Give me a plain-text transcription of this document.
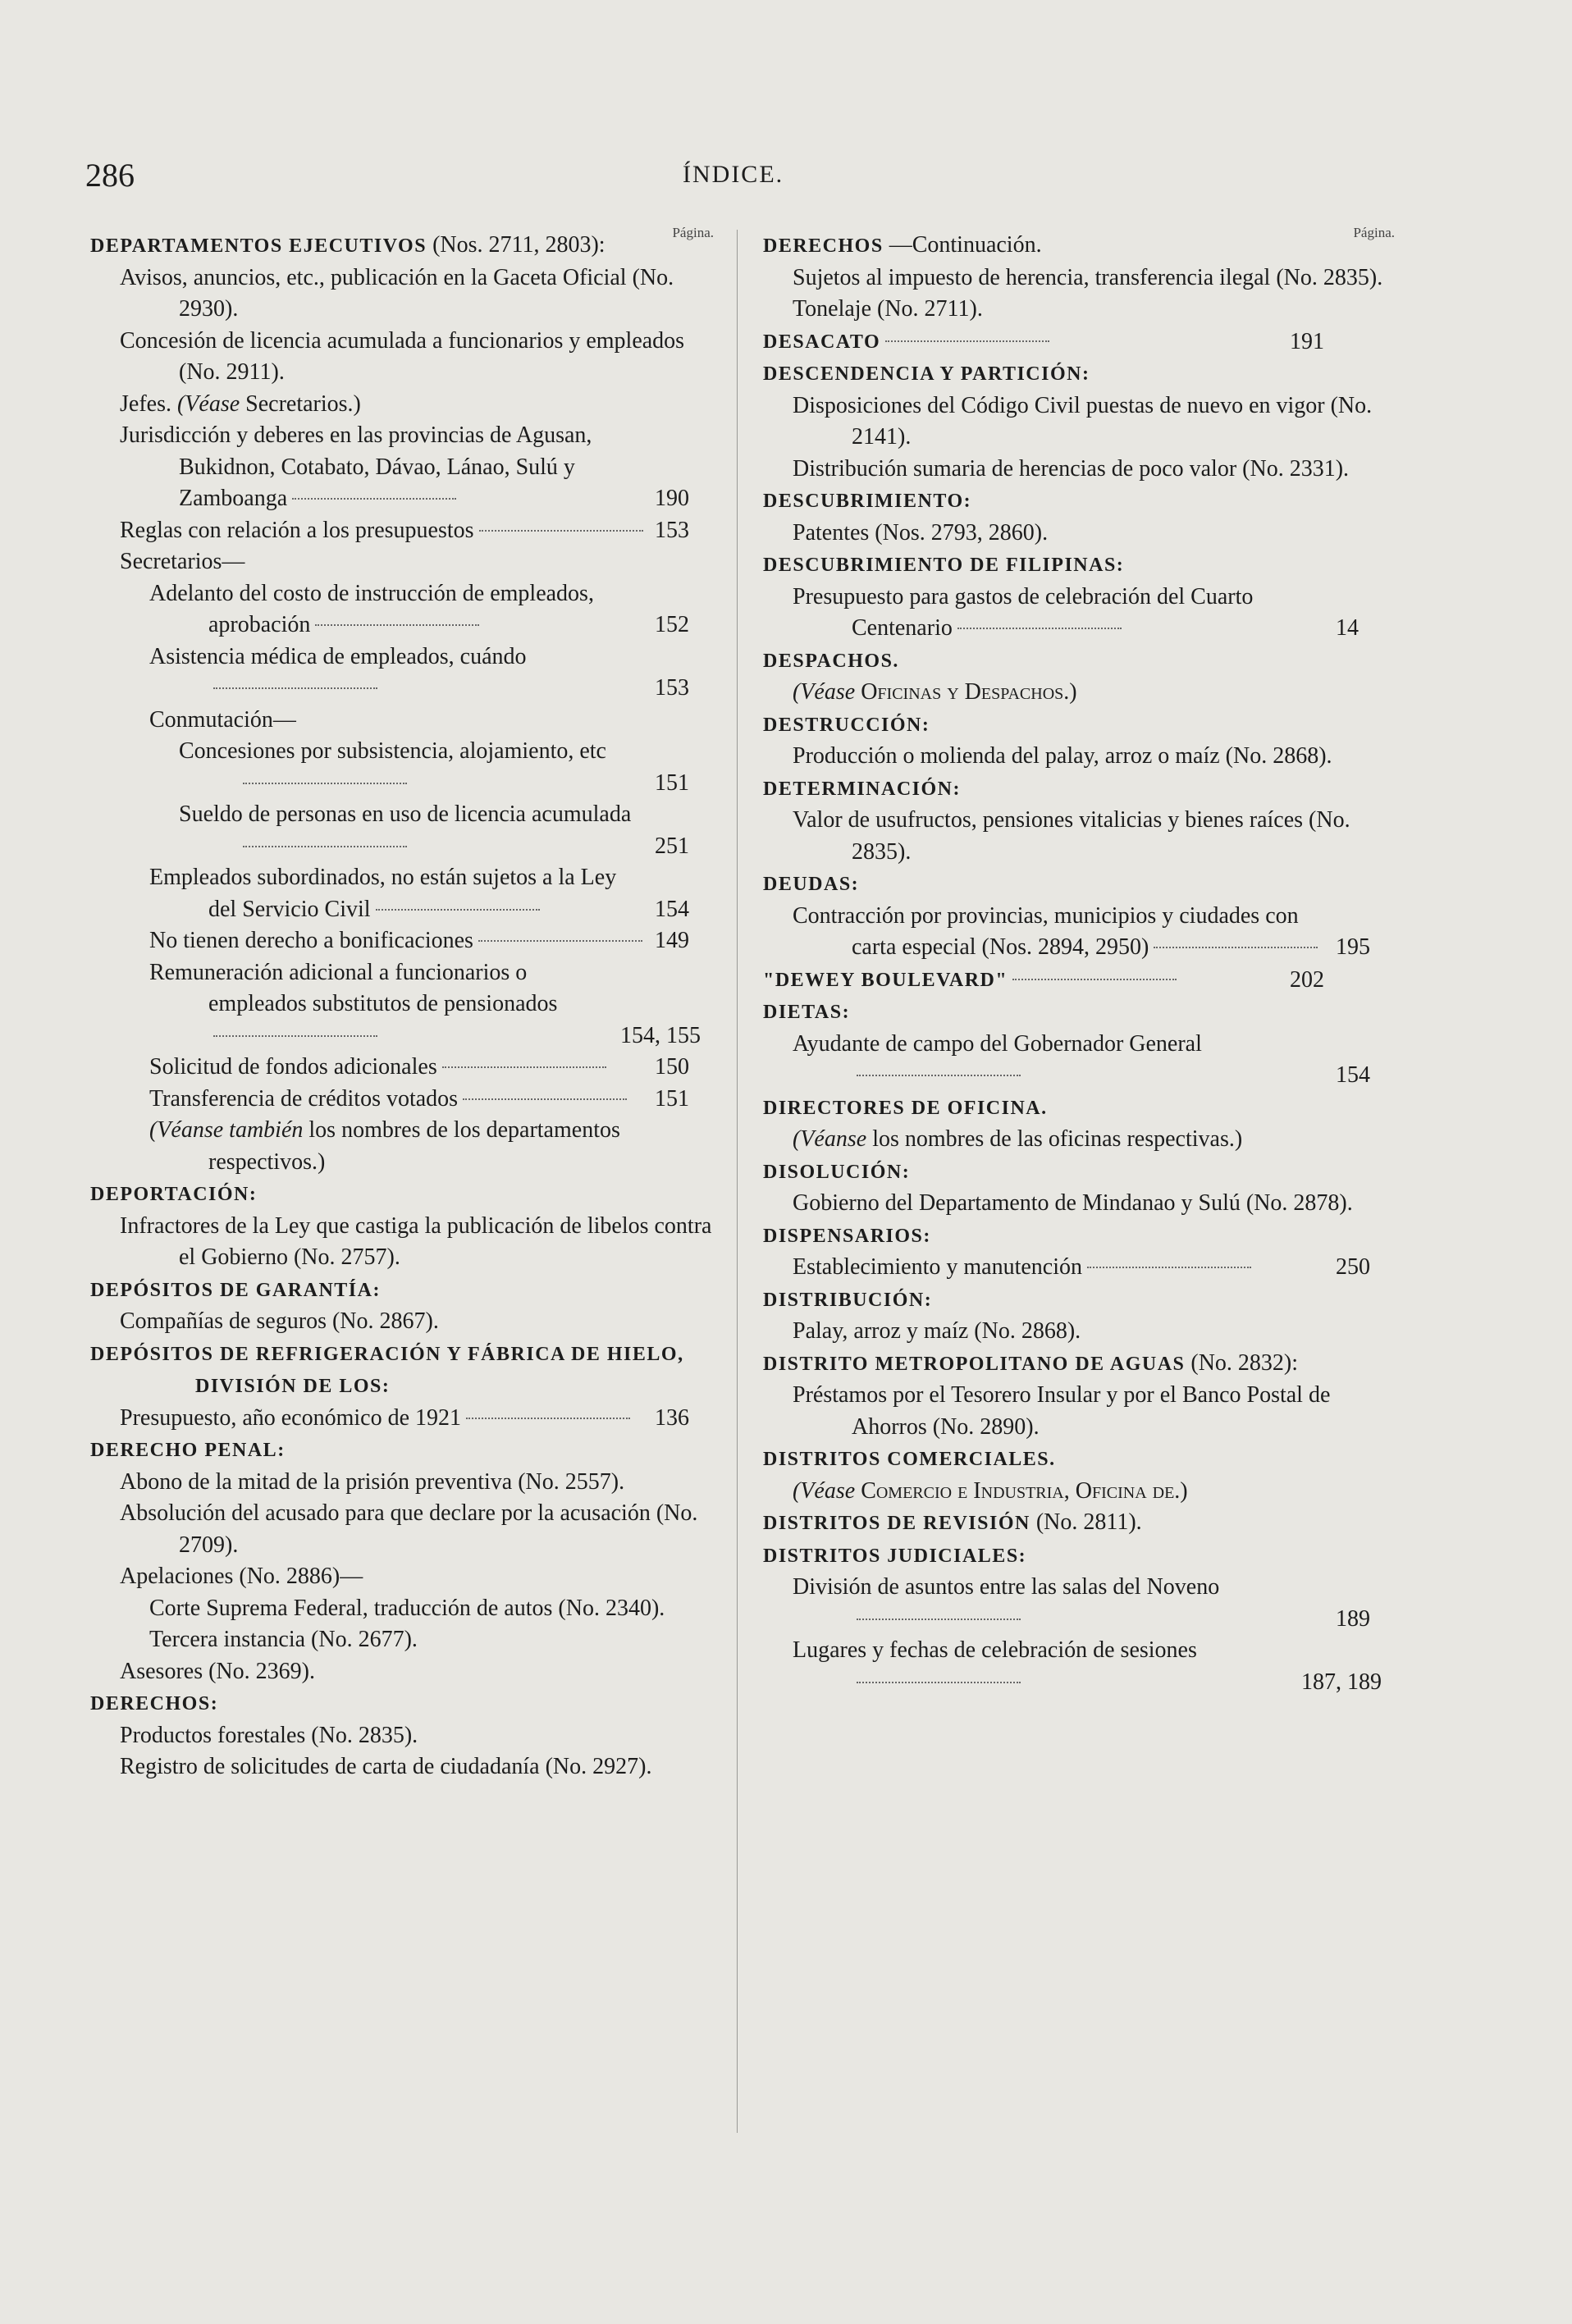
286	ÍNDICE.
Página.
DEPARTAMENTOS EJECUTIVOS (Nos. 2711, 2803):
Avisos, anuncios, etc., publicación en la Gaceta Oficial (No. 2930).
Concesión de licencia acumulada a funcionarios y empleados (No. 2911).
Jefes. (Véase Secretarios.)
Jurisdicción y deberes en las provincias de Agusan, Bukidnon, Cotabato, Dávao, Lánao, Sulú y Zamboanga	190
Reglas con relación a los presupuestos	153
Secretarios—
Adelanto del costo de instrucción de empleados, aprobación	152
Asistencia médica de empleados, cuándo
153
Conmutación—
Concesiones por subsistencia, alojamiento, etc
151
Sueldo de personas en uso de licencia acumulada
251
Empleados subordinados, no están sujetos a la Ley del Servicio Civil	154
No tienen derecho a bonificaciones	149
Remuneración adicional a funcionarios o empleados substitutos de pensionados
154, 155
Solicitud de fondos adicionales	150
Transferencia de créditos votados	151
(Véanse también los nombres de los departamentos respectivos.)
DEPORTACIÓN:
Infractores de la Ley que castiga la publicación de libelos contra el Gobierno (No. 2757).
DEPÓSITOS DE GARANTÍA:
Compañías de seguros (No. 2867).
DEPÓSITOS DE REFRIGERACIÓN Y FÁBRICA DE HIELO, DIVISIÓN DE LOS:
Presupuesto, año económico de 1921	136
DERECHO PENAL:
Abono de la mitad de la prisión preventiva (No. 2557).
Absolución del acusado para que declare por la acusación (No. 2709).
Apelaciones (No. 2886)—
Corte Suprema Federal, traducción de autos (No. 2340).
Tercera instancia (No. 2677).
Asesores (No. 2369).
DERECHOS:
Productos forestales (No. 2835).
Registro de solicitudes de carta de ciudadanía (No. 2927).
Página.
DERECHOS —Continuación.
Sujetos al impuesto de herencia, transferencia ilegal (No. 2835).
Tonelaje (No. 2711).
DESACATO	191
DESCENDENCIA Y PARTICIÓN:
Disposiciones del Código Civil puestas de nuevo en vigor (No. 2141).
Distribución sumaria de herencias de poco valor (No. 2331).
DESCUBRIMIENTO:
Patentes (Nos. 2793, 2860).
DESCUBRIMIENTO DE FILIPINAS:
Presupuesto para gastos de celebración del Cuarto Centenario	14
DESPACHOS.
(Véase Oficinas y Despachos.)
DESTRUCCIÓN:
Producción o molienda del palay, arroz o maíz (No. 2868).
DETERMINACIÓN:
Valor de usufructos, pensiones vitalicias y bienes raíces (No. 2835).
DEUDAS:
Contracción por provincias, municipios y ciudades con carta especial (Nos. 2894, 2950)	195
"DEWEY BOULEVARD"	202
DIETAS:
Ayudante de campo del Gobernador General
154
DIRECTORES DE OFICINA.
(Véanse los nombres de las oficinas respectivas.)
DISOLUCIÓN:
Gobierno del Departamento de Mindanao y Sulú (No. 2878).
DISPENSARIOS:
Establecimiento y manutención	250
DISTRIBUCIÓN:
Palay, arroz y maíz (No. 2868).
DISTRITO METROPOLITANO DE AGUAS (No. 2832):
Préstamos por el Tesorero Insular y por el Banco Postal de Ahorros (No. 2890).
DISTRITOS COMERCIALES.
(Véase Comercio e Industria, Oficina de.)
DISTRITOS DE REVISIÓN (No. 2811).
DISTRITOS JUDICIALES:
División de asuntos entre las salas del Noveno
189
Lugares y fechas de celebración de sesiones
187, 189
